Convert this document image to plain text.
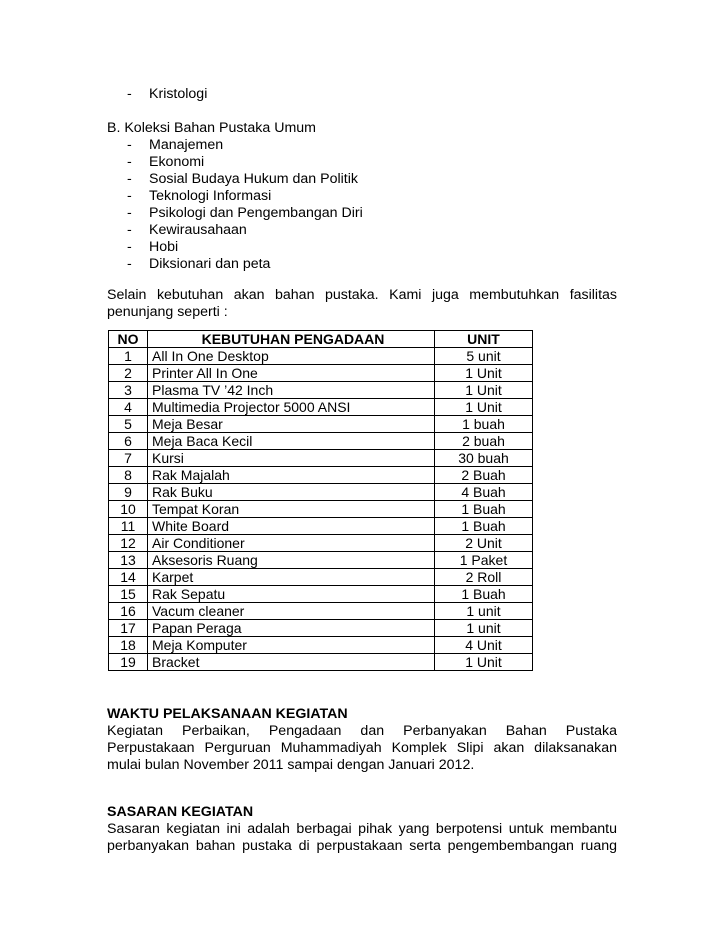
- Kristologi
B. Koleksi Bahan Pustaka Umum
- Manajemen
- Ekonomi
- Sosial Budaya Hukum dan Politik
- Teknologi Informasi
- Psikologi dan Pengembangan Diri
- Kewirausahaan
- Hobi
- Diksionari dan peta
Selain kebutuhan akan bahan pustaka. Kami juga membutuhkan fasilitas
penunjang seperti :
NO	KEBUTUHAN PENGADAAN	UNIT
1	All In One Desktop	5 unit
2	Printer All In One	1 Unit
3	Plasma TV ’42 Inch	1 Unit
4	Multimedia Projector 5000 ANSI	1 Unit
5	Meja Besar	1 buah
6	Meja Baca Kecil	2 buah
7	Kursi	30 buah
8	Rak Majalah	2 Buah
9	Rak Buku	4 Buah
10	Tempat Koran	1 Buah
11	White Board	1 Buah
12	Air Conditioner	2 Unit
13	Aksesoris Ruang	1 Paket
14	Karpet	2 Roll
15	Rak Sepatu	1 Buah
16	Vacum cleaner	1 unit
17	Papan Peraga	1 unit
18	Meja Komputer	4 Unit
19	Bracket	1 Unit
WAKTU PELAKSANAAN KEGIATAN
Kegiatan Perbaikan, Pengadaan dan Perbanyakan Bahan Pustaka
Perpustakaan Perguruan Muhammadiyah Komplek Slipi akan dilaksanakan
mulai bulan November 2011 sampai dengan Januari 2012.
SASARAN KEGIATAN
Sasaran kegiatan ini adalah berbagai pihak yang berpotensi untuk membantu
perbanyakan bahan pustaka di perpustakaan serta pengembembangan ruang
